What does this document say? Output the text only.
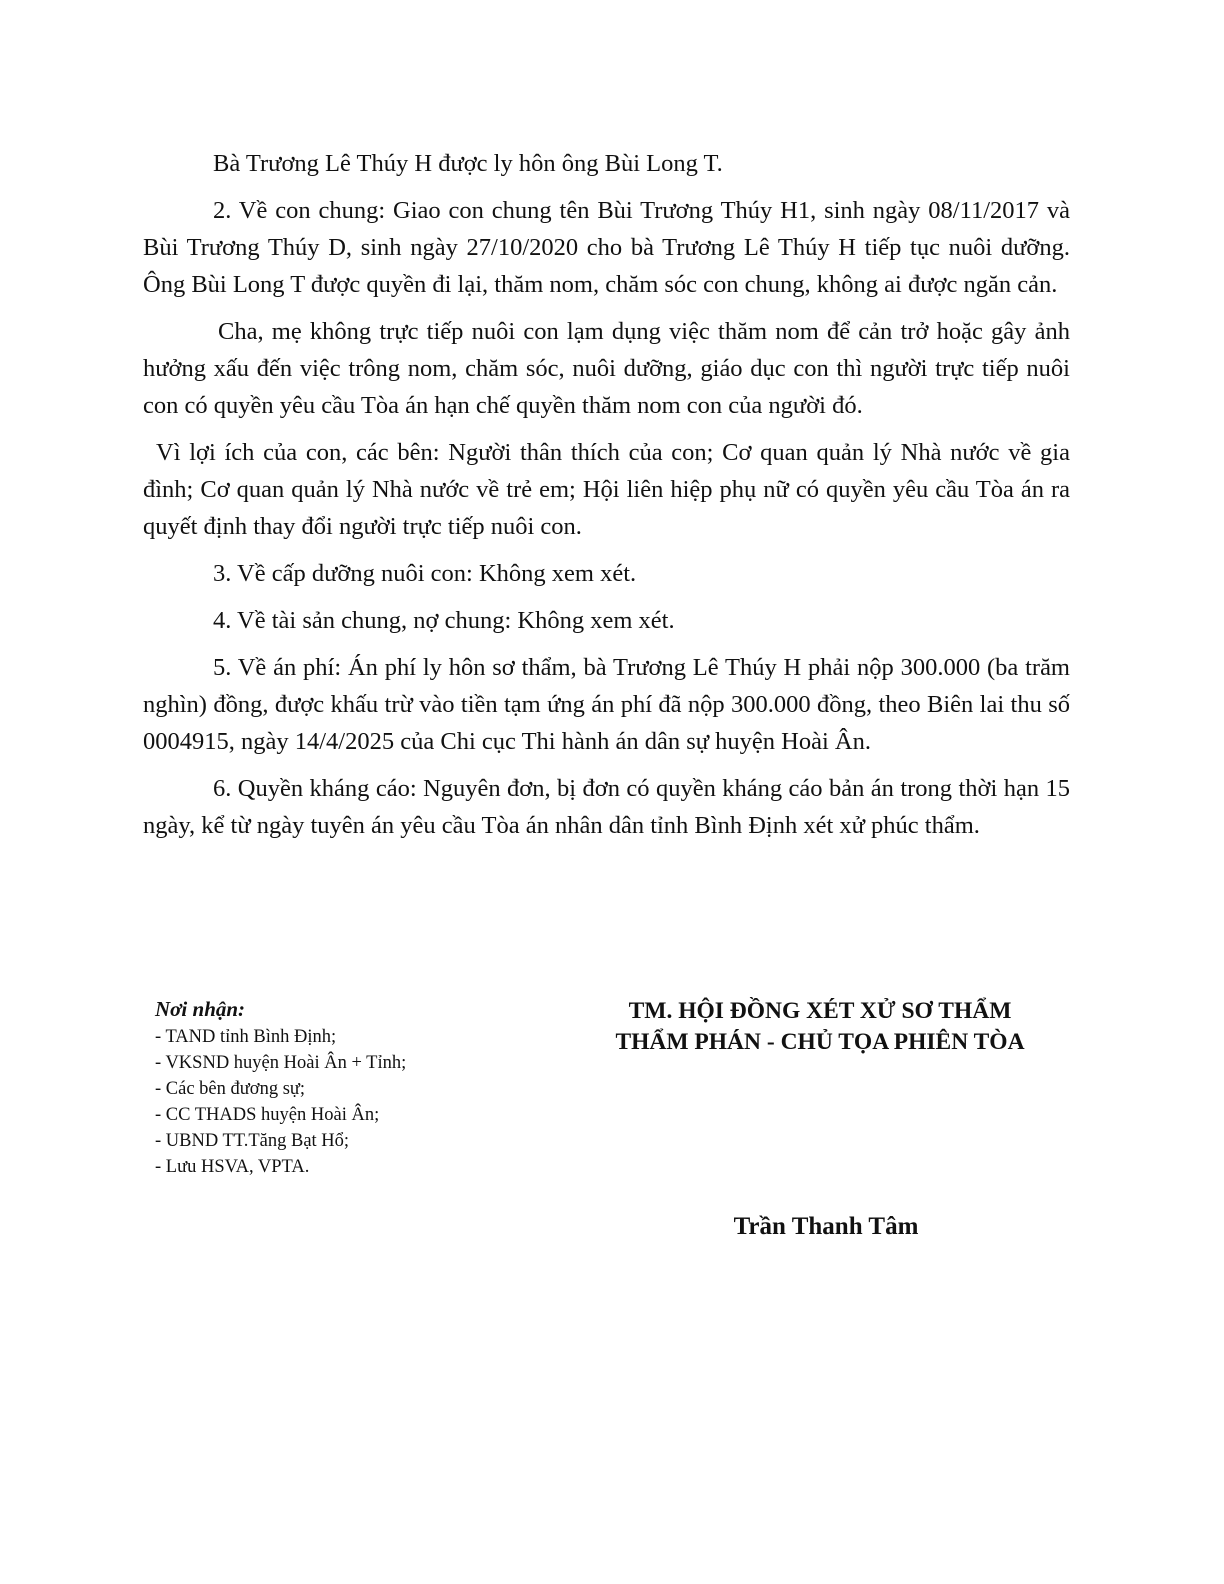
Bà Trương Lê Thúy H được ly hôn ông Bùi Long T.

2. Về con chung: Giao con chung tên Bùi Trương Thúy H1, sinh ngày 08/11/2017 và Bùi Trương Thúy D, sinh ngày 27/10/2020 cho bà Trương Lê Thúy H tiếp tục nuôi dưỡng. Ông Bùi Long T được quyền đi lại, thăm nom, chăm sóc con chung, không ai được ngăn cản.

Cha, mẹ không trực tiếp nuôi con lạm dụng việc thăm nom để cản trở hoặc gây ảnh hưởng xấu đến việc trông nom, chăm sóc, nuôi dưỡng, giáo dục con thì người trực tiếp nuôi con có quyền yêu cầu Tòa án hạn chế quyền thăm nom con của người đó.

Vì lợi ích của con, các bên: Người thân thích của con; Cơ quan quản lý Nhà nước về gia đình; Cơ quan quản lý Nhà nước về trẻ em; Hội liên hiệp phụ nữ có quyền yêu cầu Tòa án ra quyết định thay đổi người trực tiếp nuôi con.

3. Về cấp dưỡng nuôi con: Không xem xét.

4. Về tài sản chung, nợ chung: Không xem xét.

5. Về án phí: Án phí ly hôn sơ thẩm, bà Trương Lê Thúy H phải nộp 300.000 (ba trăm nghìn) đồng, được khấu trừ vào tiền tạm ứng án phí đã nộp 300.000 đồng, theo Biên lai thu số 0004915, ngày 14/4/2025 của Chi cục Thi hành án dân sự huyện Hoài Ân.

6. Quyền kháng cáo: Nguyên đơn, bị đơn có quyền kháng cáo bản án trong thời hạn 15 ngày, kể từ ngày tuyên án yêu cầu Tòa án nhân dân tỉnh Bình Định xét xử phúc thẩm.

Nơi nhận:
- TAND tỉnh Bình Định;
- VKSND huyện Hoài Ân + Tỉnh;
- Các bên đương sự;
- CC THADS huyện Hoài Ân;
- UBND TT.Tăng Bạt Hổ;
- Lưu HSVA, VPTA.
TM. HỘI ĐỒNG XÉT XỬ SƠ THẨM
THẨM PHÁN - CHỦ TỌA PHIÊN TÒA
Trần Thanh Tâm
